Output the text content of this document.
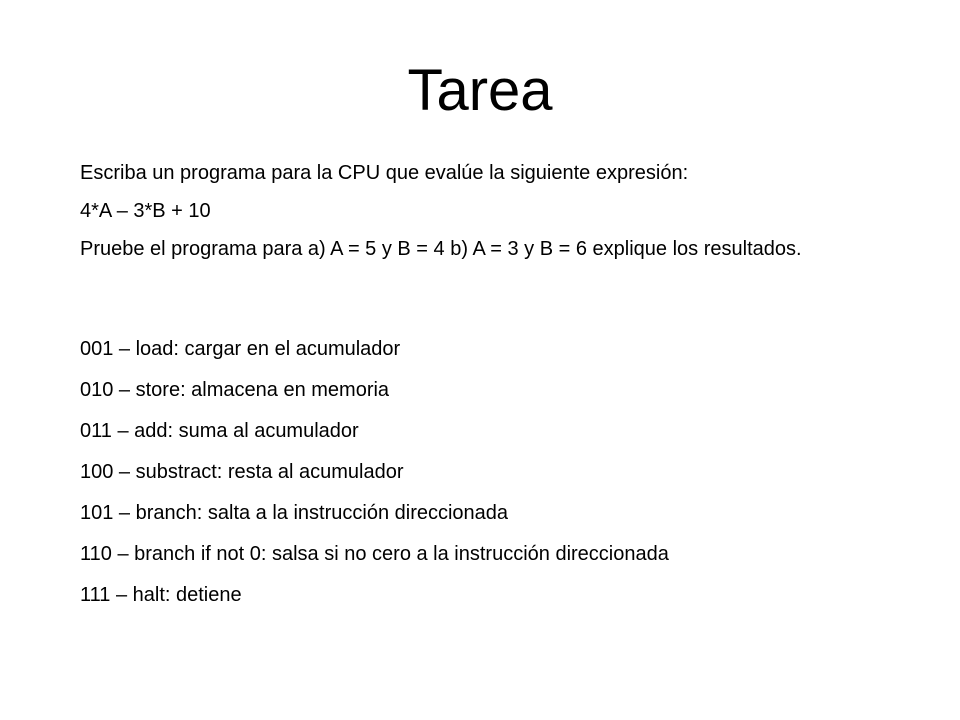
Tarea

Escriba un programa para la CPU que evalúe la siguiente expresión:

4*A – 3*B + 10

Pruebe el programa para a) A = 5 y B = 4 b) A = 3 y B = 6 explique los resultados.

001 – load: cargar en el acumulador
010 – store: almacena en memoria
011 – add: suma al acumulador
100 – substract: resta al acumulador
101 – branch: salta a la instrucción direccionada
110 – branch if not 0: salsa si no cero a la instrucción direccionada
111 – halt: detiene
